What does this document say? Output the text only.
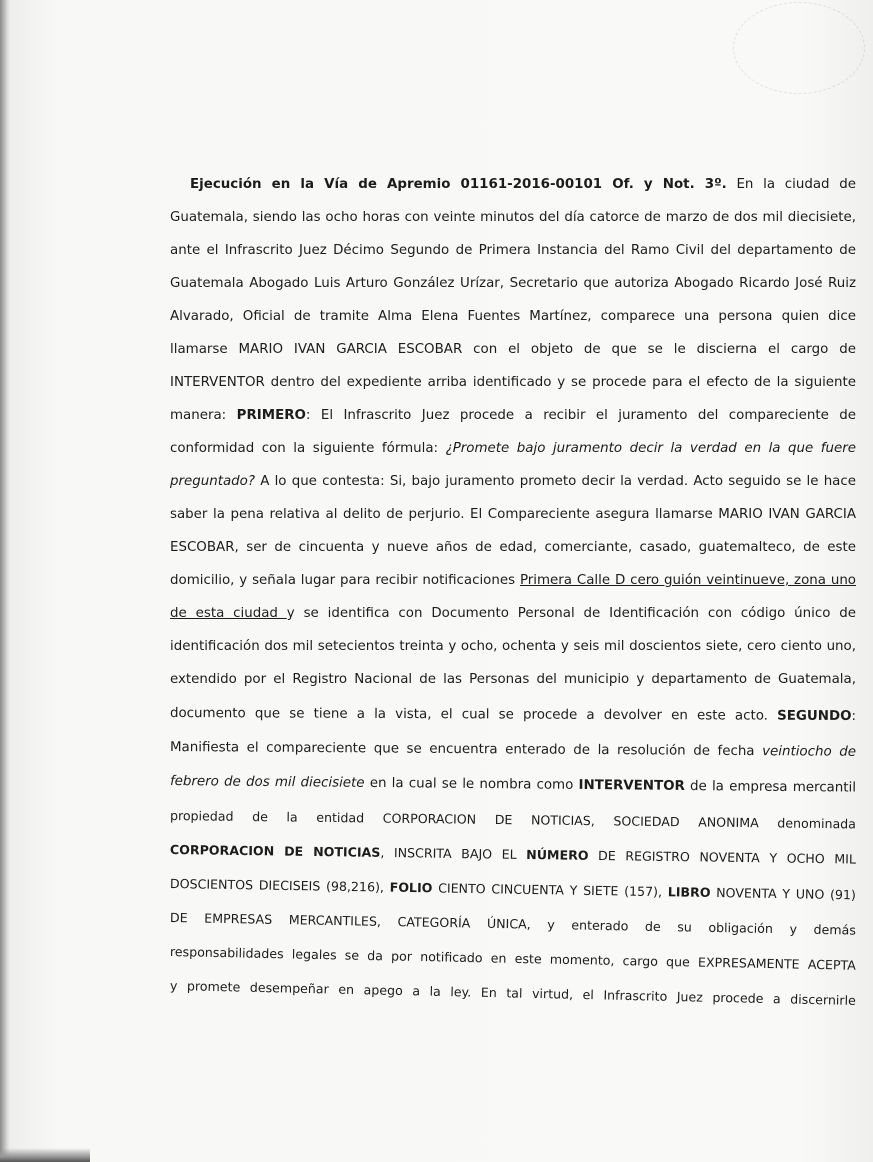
Ejecución en la Vía de Apremio 01161-2016-00101 Of. y Not. 3º. En la ciudad de
Guatemala, siendo las ocho horas con veinte minutos del día catorce de marzo de dos mil diecisiete,
ante el Infrascrito Juez Décimo Segundo de Primera Instancia del Ramo Civil del departamento de
Guatemala Abogado Luis Arturo González Urízar, Secretario que autoriza Abogado Ricardo José Ruiz
Alvarado, Oficial de tramite Alma Elena Fuentes Martínez, comparece una persona quien dice
llamarse MARIO IVAN GARCIA ESCOBAR con el objeto de que se le discierna el cargo de
INTERVENTOR dentro del expediente arriba identificado y se procede para el efecto de la siguiente
manera: PRIMERO: El Infrascrito Juez procede a recibir el juramento del compareciente de
conformidad con la siguiente fórmula: ¿Promete bajo juramento decir la verdad en la que fuere
preguntado? A lo que contesta: Si, bajo juramento prometo decir la verdad. Acto seguido se le hace
saber la pena relativa al delito de perjurio. El Compareciente asegura llamarse MARIO IVAN GARCIA
ESCOBAR, ser de cincuenta y nueve años de edad, comerciante, casado, guatemalteco, de este
domicilio, y señala lugar para recibir notificaciones Primera Calle D cero guión veintinueve, zona uno
de esta ciudad y se identifica con Documento Personal de Identificación con código único de
identificación dos mil setecientos treinta y ocho, ochenta y seis mil doscientos siete, cero ciento uno,
extendido por el Registro Nacional de las Personas del municipio y departamento de Guatemala,
documento que se tiene a la vista, el cual se procede a devolver en este acto. SEGUNDO:
Manifiesta el compareciente que se encuentra enterado de la resolución de fecha veintiocho de
febrero de dos mil diecisiete en la cual se le nombra como INTERVENTOR de la empresa mercantil
propiedad de la entidad CORPORACION DE NOTICIAS, SOCIEDAD ANONIMA denominada
CORPORACION DE NOTICIAS, INSCRITA BAJO EL NÚMERO DE REGISTRO NOVENTA Y OCHO MIL
DOSCIENTOS DIECISEIS (98,216), FOLIO CIENTO CINCUENTA Y SIETE (157), LIBRO NOVENTA Y UNO (91)
DE EMPRESAS MERCANTILES, CATEGORÍA ÚNICA, y enterado de su obligación y demás
responsabilidades legales se da por notificado en este momento, cargo que EXPRESAMENTE ACEPTA
y promete desempeñar en apego a la ley. En tal virtud, el Infrascrito Juez procede a discernirle
